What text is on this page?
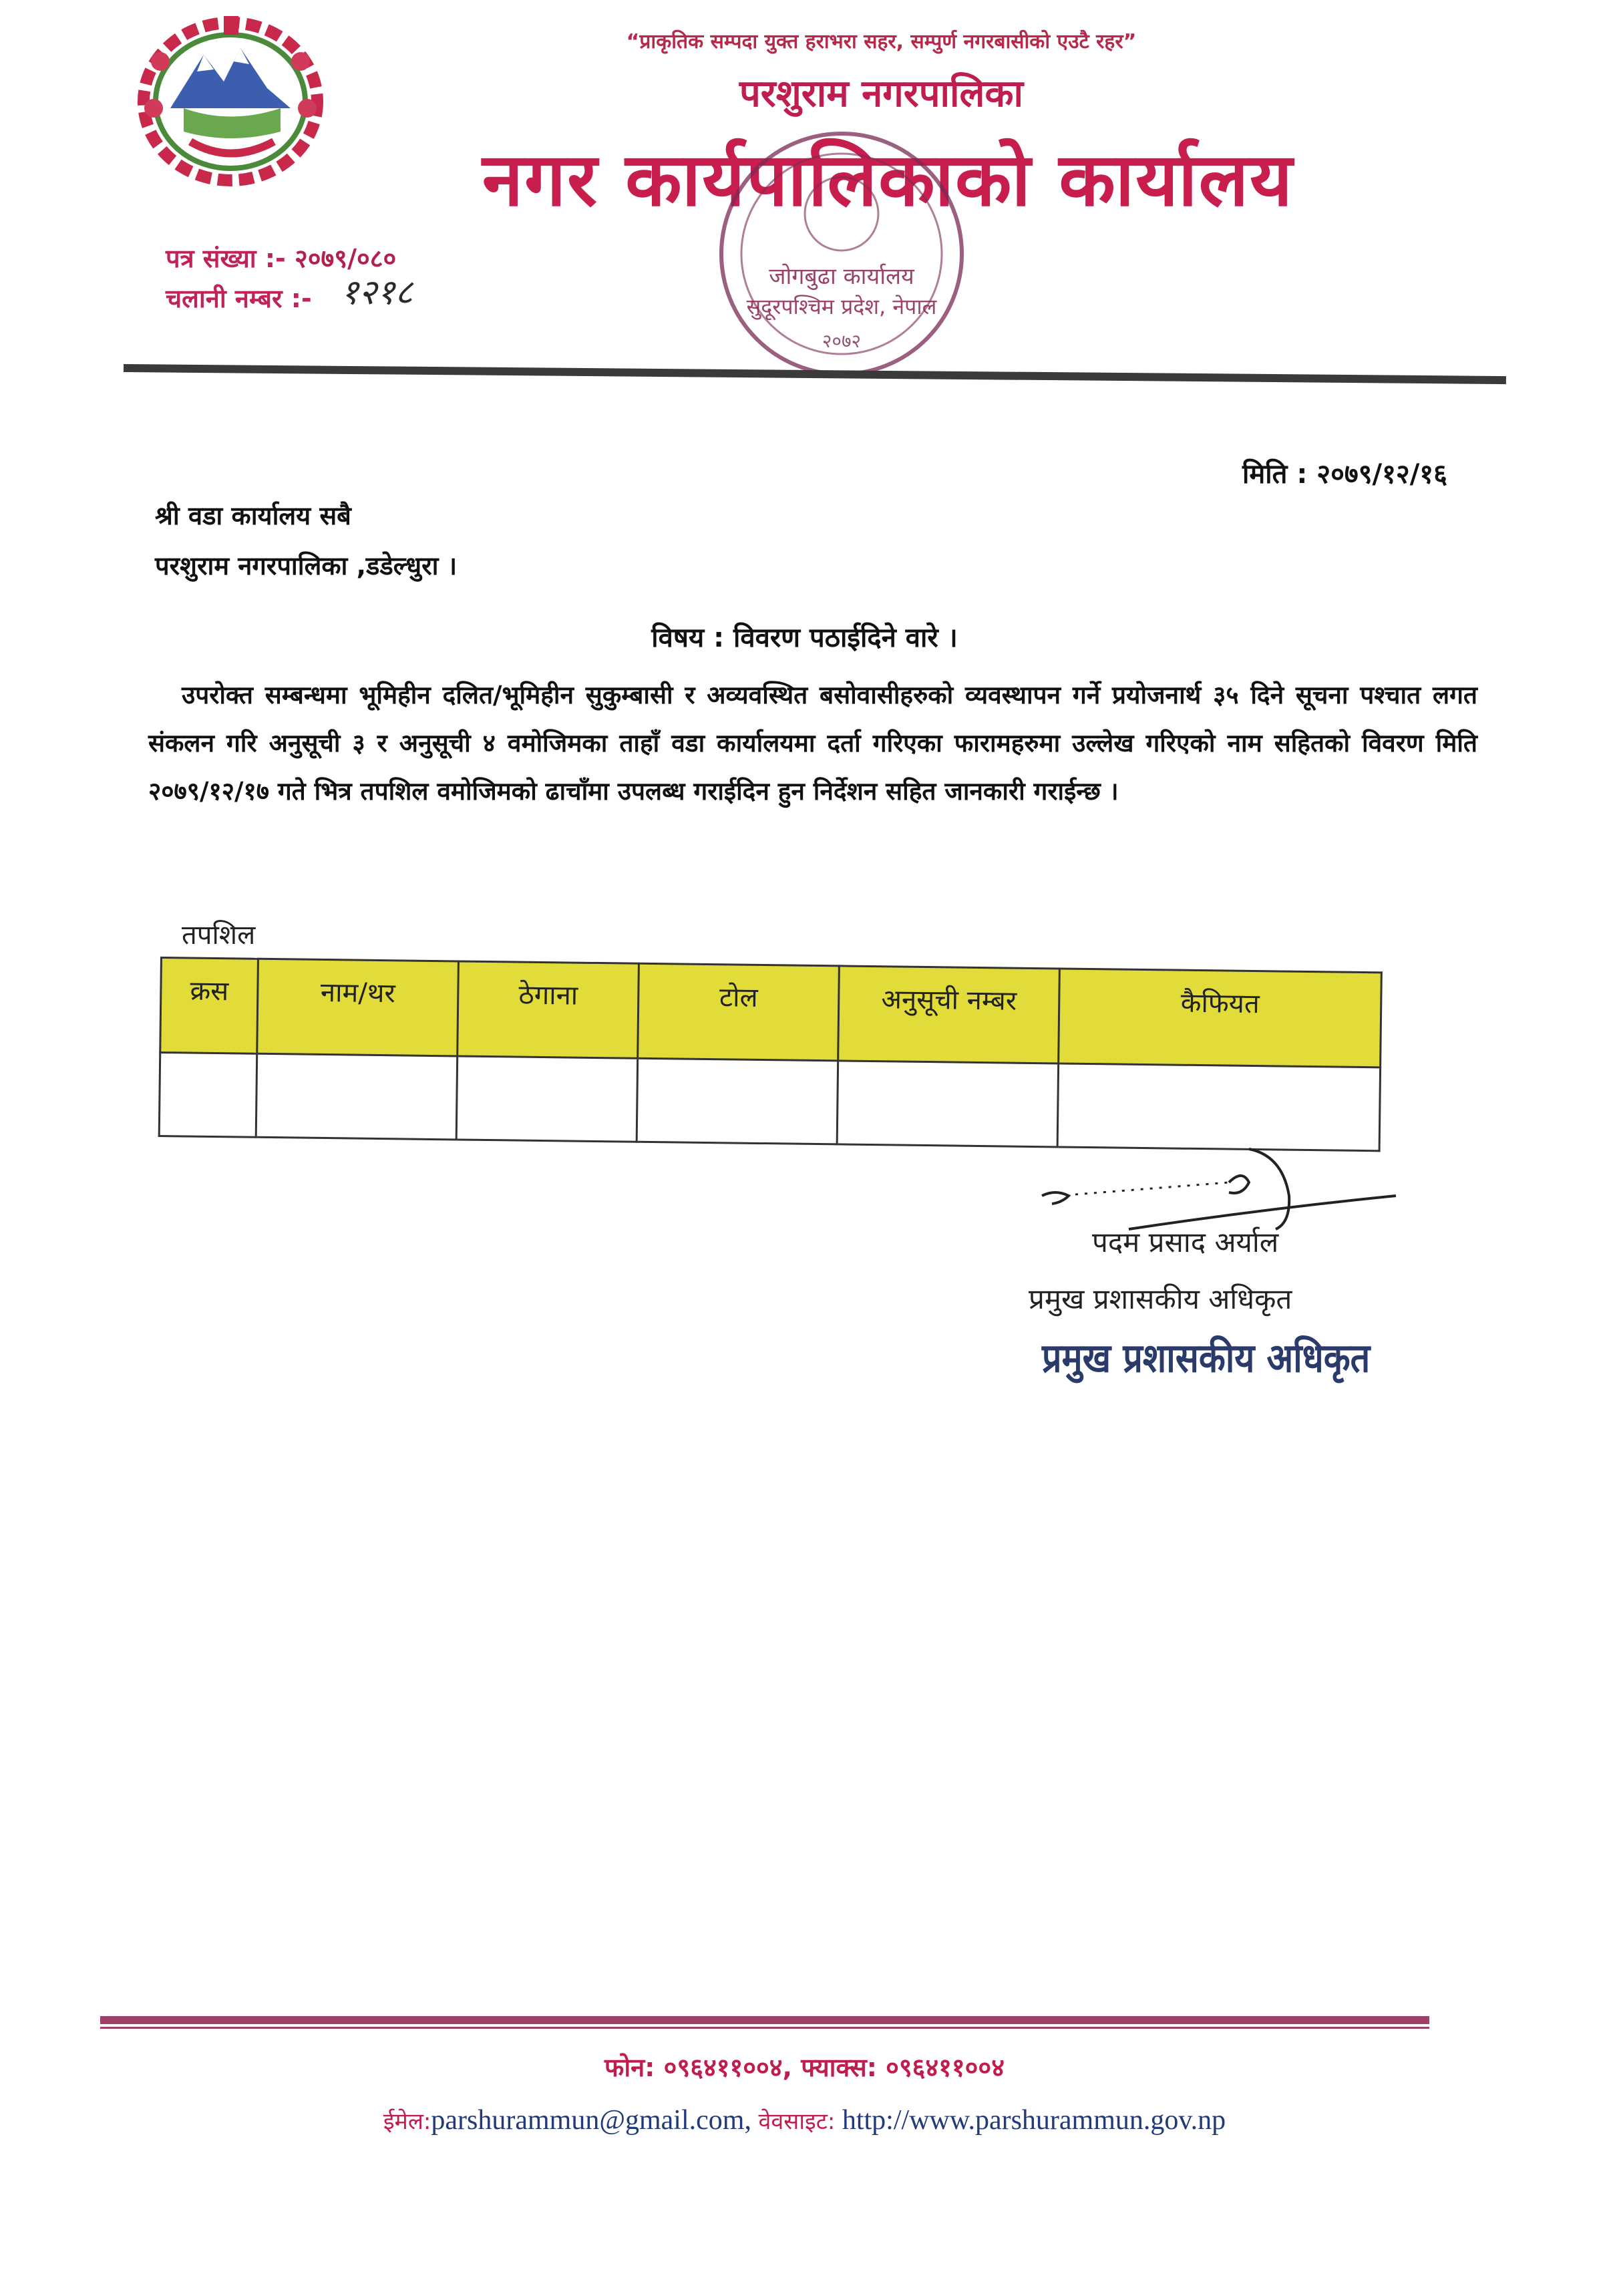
“प्राकृतिक सम्पदा युक्त हराभरा सहर, सम्पुर्ण नगरबासीको एउटै रहर”
परशुराम नगरपालिका
नगर कार्यपालिकाको कार्यालय
पत्र संख्या :- २०७९/०८०
चलानी नम्बर :- १२१८	जोगबुढा कार्यालय
सुदूरपश्चिम प्रदेश, नेपाल
२०७२
मिति : २०७९/१२/१६
श्री वडा कार्यालय सबै
परशुराम नगरपालिका ,डडेल्धुरा ।
विषय : विवरण पठाईदिने वारे ।
उपरोक्त सम्बन्धमा भूमिहीन दलित/भूमिहीन सुकुम्बासी र अव्यवस्थित बसोवासीहरुको व्यवस्थापन गर्ने प्रयोजनार्थ ३५ दिने सूचना पश्चात लगत संकलन गरि अनुसूची ३ र अनुसूची ४ वमोजिमका ताहाँ वडा कार्यालयमा दर्ता गरिएका फारामहरुमा उल्लेख गरिएको नाम सहितको विवरण मिति २०७९/१२/१७ गते भित्र तपशिल वमोजिमको ढाचाँमा उपलब्ध गराईदिन हुन निर्देशन सहित जानकारी गराईन्छ ।
तपशिल
क्रस	नाम/थर	ठेगाना	टोल	अनुसूची नम्बर	कैफियत

पदम प्रसाद अर्याल
प्रमुख प्रशासकीय अधिकृत
प्रमुख प्रशासकीय अधिकृत
फोन: ०९६४११००४, फ्याक्स: ०९६४११००४
ईमेल:parshurammun@gmail.com, वेवसाइट: http://www.parshurammun.gov.np
